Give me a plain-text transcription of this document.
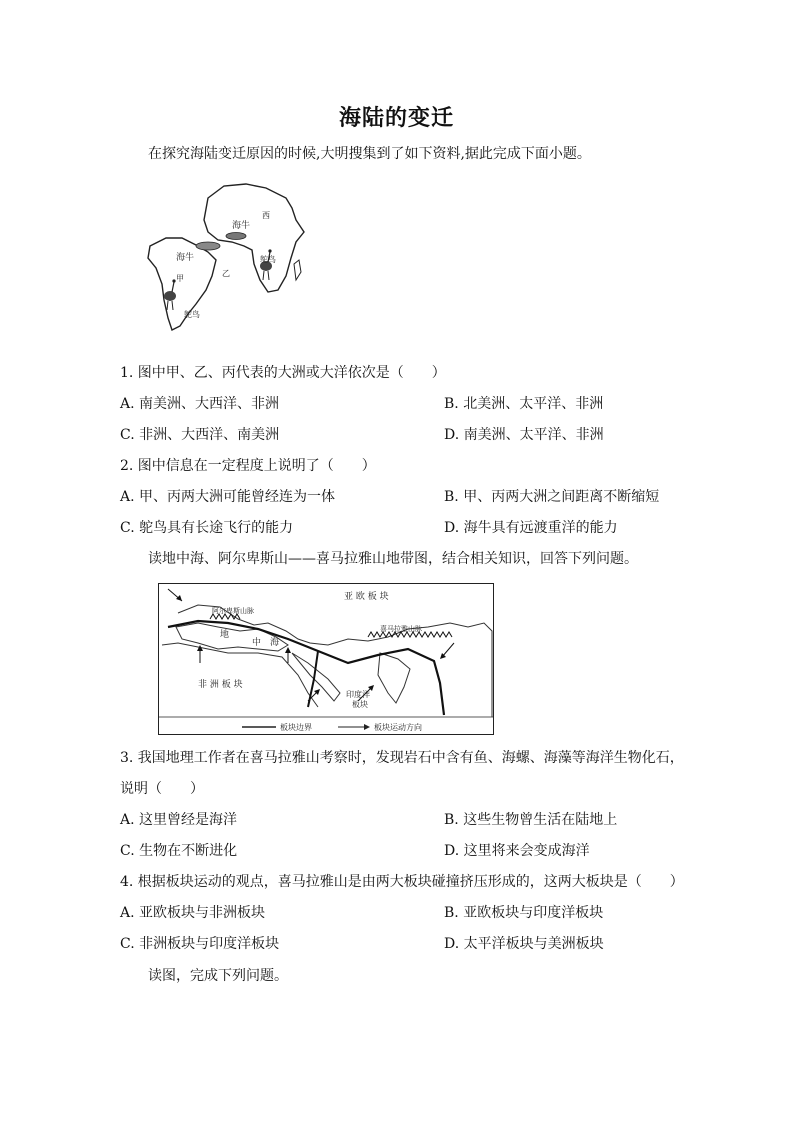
海陆的变迁
在探究海陆变迁原因的时候,大明搜集到了如下资料,据此完成下面小题。
西
海牛
海牛
甲
乙
鸵鸟
鸵鸟
1. 图中甲、乙、丙代表的大洲或大洋依次是（　　）
A. 南美洲、大西洋、非洲	B. 北美洲、太平洋、非洲
C. 非洲、大西洋、南美洲	D. 南美洲、太平洋、非洲
2. 图中信息在一定程度上说明了（　　）
A. 甲、丙两大洲可能曾经连为一体	B. 甲、丙两大洲之间距离不断缩短
C. 鸵鸟具有长途飞行的能力	D. 海牛具有远渡重洋的能力
读地中海、阿尔卑斯山——喜马拉雅山地带图，结合相关知识，回答下列问题。
板块边界	板块运动方向
亚 欧 板 块
阿尔卑斯山脉
喜马拉雅山脉
地
中 海
非 洲 板 块
印度洋
板块
3. 我国地理工作者在喜马拉雅山考察时，发现岩石中含有鱼、海螺、海藻等海洋生物化石，
说明（　　）
A. 这里曾经是海洋	B. 这些生物曾生活在陆地上
C. 生物在不断进化	D. 这里将来会变成海洋
4. 根据板块运动的观点，喜马拉雅山是由两大板块碰撞挤压形成的，这两大板块是（　　）
A. 亚欧板块与非洲板块	B. 亚欧板块与印度洋板块
C. 非洲板块与印度洋板块	D. 太平洋板块与美洲板块
读图，完成下列问题。
